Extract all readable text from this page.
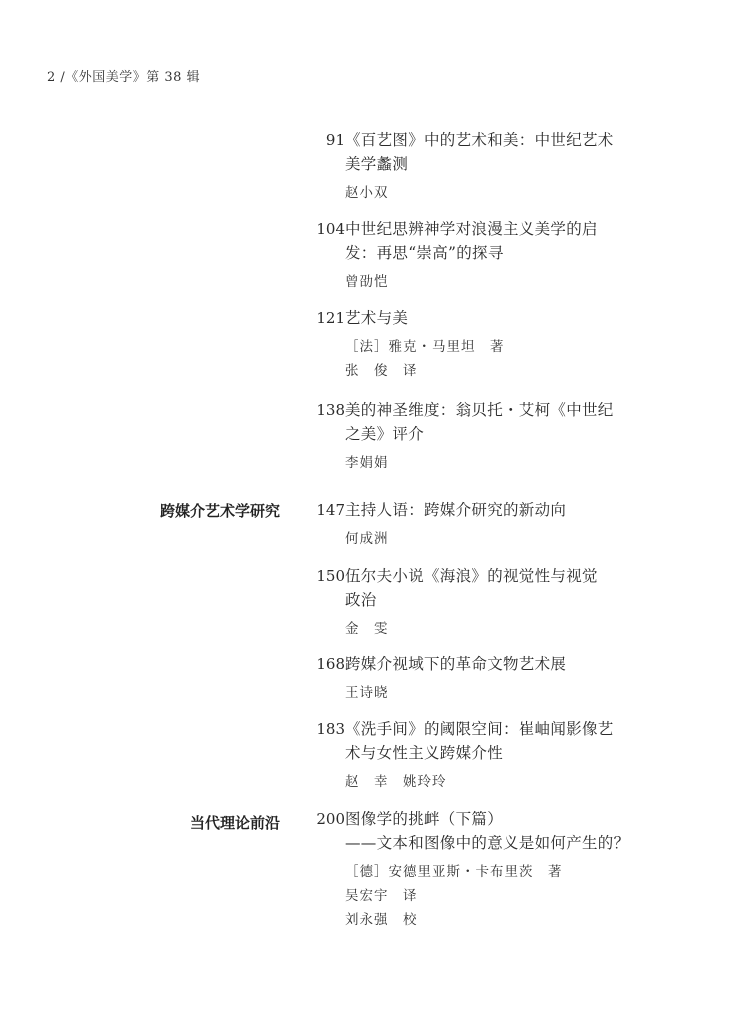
2 /《外国美学》第 38 辑
跨媒介艺术学研究
当代理论前沿
91 《百艺图》中的艺术和美：中世纪艺术
美学蠡测
赵小双
104 中世纪思辨神学对浪漫主义美学的启
发：再思“崇高”的探寻
曾劭恺
121 艺术与美
［法］雅克・马里坦　著
张　俊　译
138 美的神圣维度：翁贝托・艾柯《中世纪
之美》评介
李娟娟
147 主持人语：跨媒介研究的新动向
何成洲
150 伍尔夫小说《海浪》的视觉性与视觉
政治
金　雯
168 跨媒介视域下的革命文物艺术展
王诗晓
183 《洗手间》的阈限空间：崔岫闻影像艺
术与女性主义跨媒介性
赵　幸　姚玲玲
200 图像学的挑衅（下篇）
——文本和图像中的意义是如何产生的？
［德］安德里亚斯・卡布里茨　著
吴宏宇　译
刘永强　校
